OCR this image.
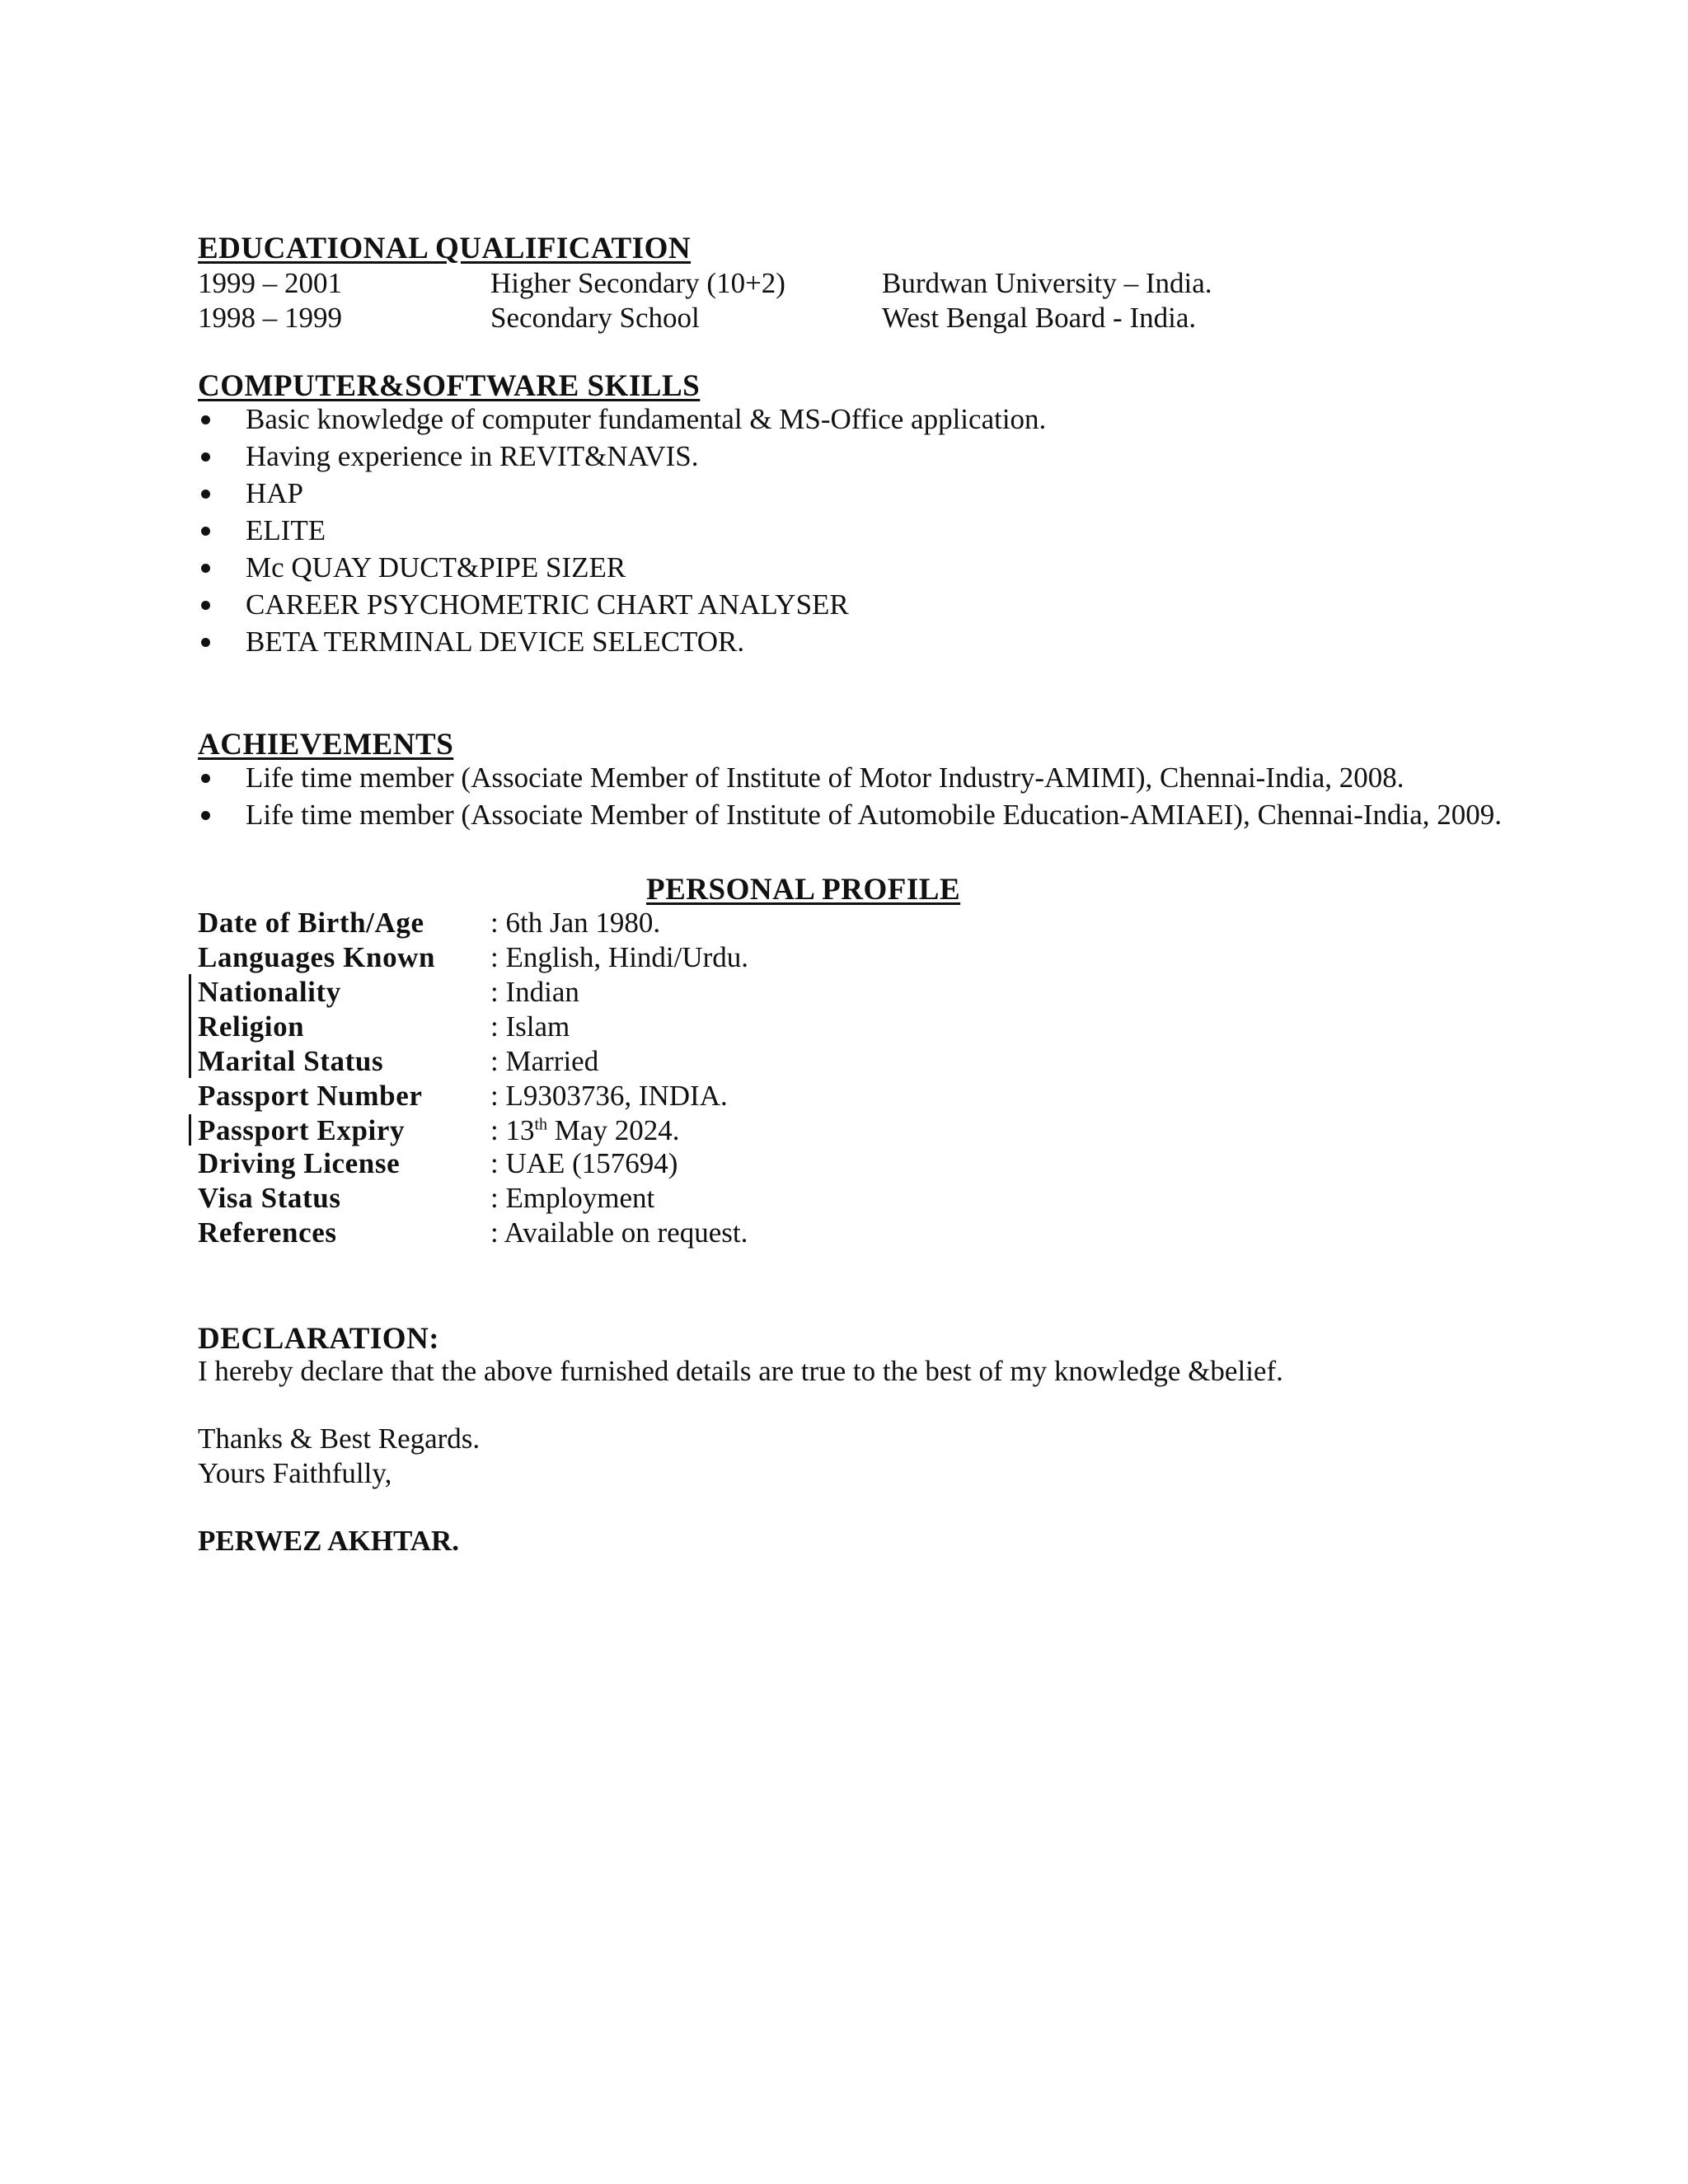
EDUCATIONAL QUALIFICATION
1999 – 2001	Higher Secondary (10+2)	Burdwan University – India.
1998 – 1999	Secondary School	West Bengal Board - India.
COMPUTER&SOFTWARE SKILLS
Basic knowledge of computer fundamental & MS-Office application.
Having experience in REVIT&NAVIS.
HAP
ELITE
Mc QUAY DUCT&PIPE SIZER
CAREER PSYCHOMETRIC CHART ANALYSER
BETA TERMINAL DEVICE SELECTOR.
ACHIEVEMENTS
Life time member (Associate Member of Institute of Motor Industry-AMIMI), Chennai-India, 2008.
Life time member (Associate Member of Institute of Automobile Education-AMIAEI), Chennai-India, 2009.
PERSONAL PROFILE
Date of Birth/Age : 6th Jan 1980.
Languages Known : English, Hindi/Urdu.
Nationality	: Indian
Religion	: Islam
Marital Status	: Married
Passport Number : L9303736, INDIA.
Passport Expiry	: 13th May 2024.
Driving License	: UAE (157694)
Visa Status	: Employment
References	: Available on request.
DECLARATION:
I hereby declare that the above furnished details are true to the best of my knowledge &belief.
Thanks & Best Regards.
Yours Faithfully,
PERWEZ AKHTAR.
